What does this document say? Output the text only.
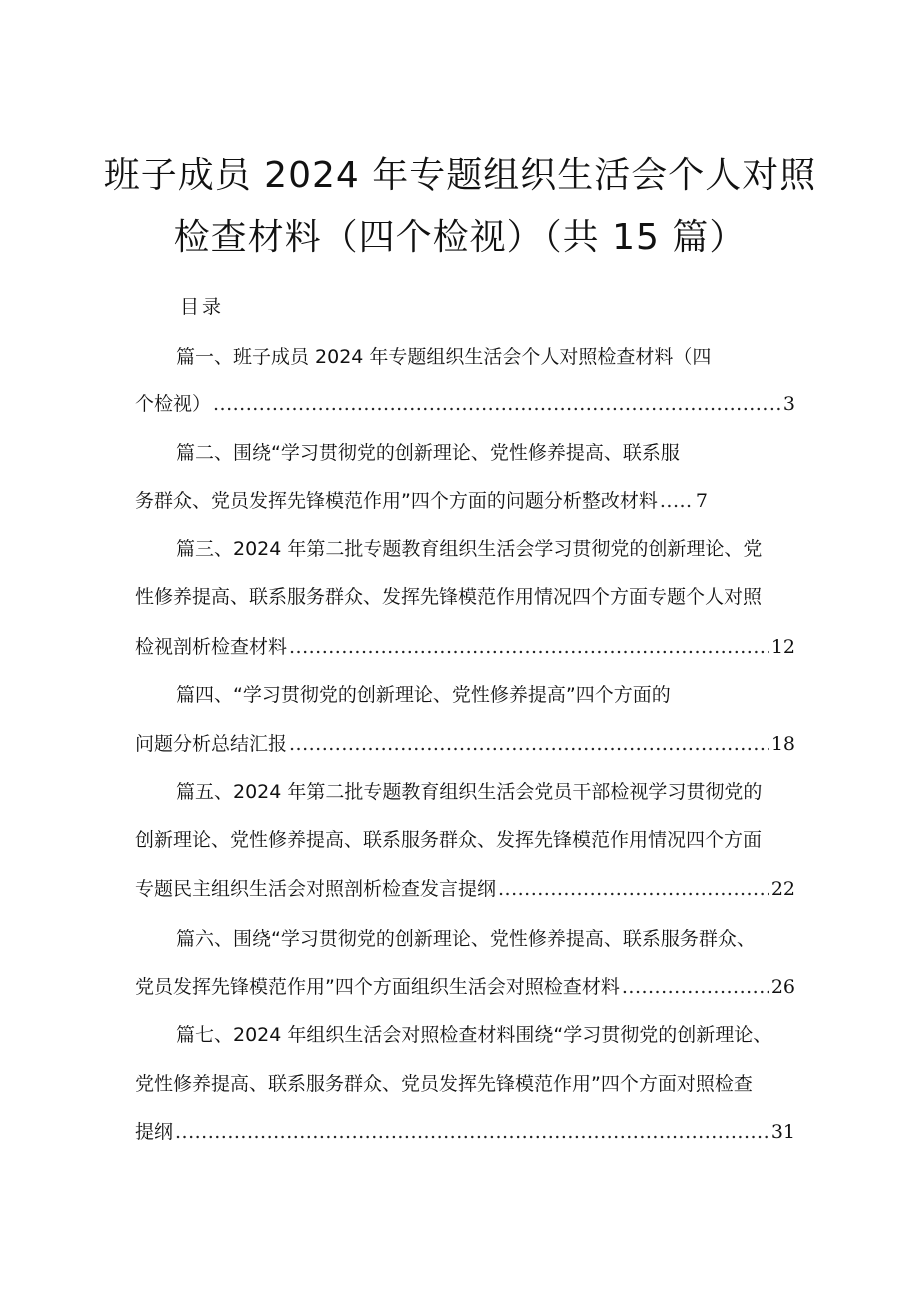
班子成员 2024 年专题组织生活会个人对照
检查材料（四个检视）（共 15 篇）
目录
篇一、班子成员 2024 年专题组织生活会个人对照检查材料（四
个检视） .....	3
篇二、围绕“学习贯彻党的创新理论、党性修养提高、联系服
务群众、党员发挥先锋模范作用”四个方面的问题分析整改材料 ..... 7
篇三、2024 年第二批专题教育组织生活会学习贯彻党的创新理论、党
性修养提高、联系服务群众、发挥先锋模范作用情况四个方面专题个人对照
检视剖析检查材料 .....	12
篇四、“学习贯彻党的创新理论、党性修养提高”四个方面的
问题分析总结汇报 .....	18
篇五、2024 年第二批专题教育组织生活会党员干部检视学习贯彻党的
创新理论、党性修养提高、联系服务群众、发挥先锋模范作用情况四个方面
专题民主组织生活会对照剖析检查发言提纲 .....	22
篇六、围绕“学习贯彻党的创新理论、党性修养提高、联系服务群众、
党员发挥先锋模范作用”四个方面组织生活会对照检查材料 .....	26
篇七、2024 年组织生活会对照检查材料围绕“学习贯彻党的创新理论、
党性修养提高、联系服务群众、党员发挥先锋模范作用”四个方面对照检查
提纲 .....	31
